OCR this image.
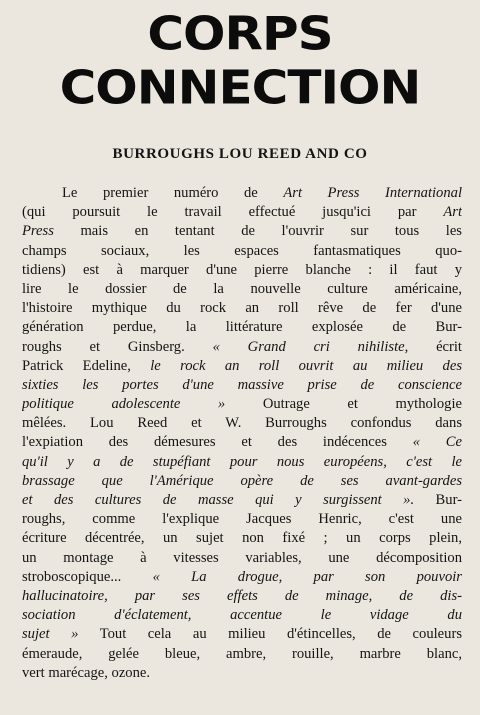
CORPS
CONNECTION
BURROUGHS LOU REED AND CO
Le premier numéro de Art Press International
(qui poursuit le travail effectué jusqu'ici par Art
Press mais en tentant de l'ouvrir sur tous les
champs sociaux, les espaces fantasmatiques quo-
tidiens) est à marquer d'une pierre blanche : il faut y
lire le dossier de la nouvelle culture américaine,
l'histoire mythique du rock an roll rêve de fer d'une
génération perdue, la littérature explosée de Bur-
roughs et Ginsberg. « Grand cri nihiliste, écrit
Patrick Edeline, le rock an roll ouvrit au milieu des
sixties les portes d'une massive prise de conscience
politique adolescente » Outrage et mythologie
mêlées. Lou Reed et W. Burroughs confondus dans
l'expiation des démesures et des indécences « Ce
qu'il y a de stupéfiant pour nous européens, c'est le
brassage que l'Amérique opère de ses avant-gardes
et des cultures de masse qui y surgissent ». Bur-
roughs, comme l'explique Jacques Henric, c'est une
écriture décentrée, un sujet non fixé ; un corps plein,
un montage à vitesses variables, une décomposition
stroboscopique... « La drogue, par son pouvoir
hallucinatoire, par ses effets de minage, de dis-
sociation d'éclatement, accentue le vidage du
sujet » Tout cela au milieu d'étincelles, de couleurs
émeraude, gelée bleue, ambre, rouille, marbre blanc,
vert marécage, ozone.
